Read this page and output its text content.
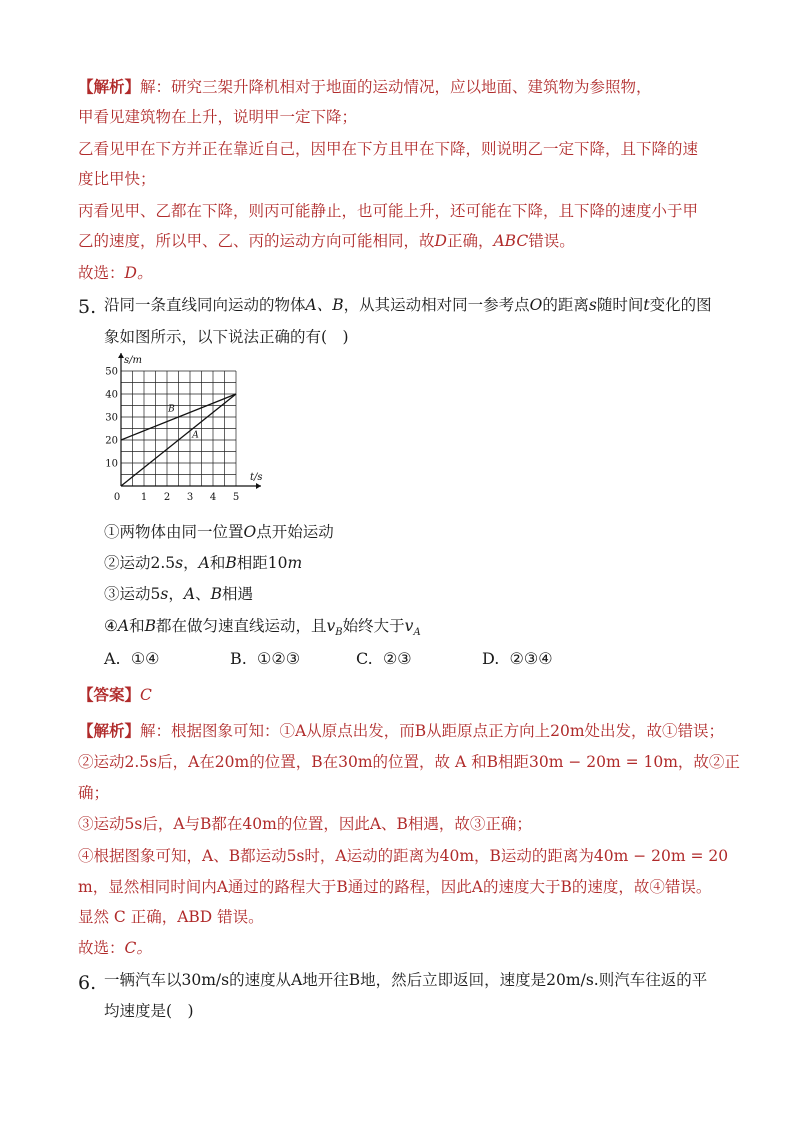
【解析】解：研究三架升降机相对于地面的运动情况，应以地面、建筑物为参照物，
甲看见建筑物在上升，说明甲一定下降；
乙看见甲在下方并正在靠近自己，因甲在下方且甲在下降，则说明乙一定下降，且下降的速
度比甲快；
丙看见甲、乙都在下降，则丙可能静止，也可能上升，还可能在下降，且下降的速度小于甲
乙的速度，所以甲、乙、丙的运动方向可能相同，故D正确，ABC错误。
故选：D。
5. 沿同一条直线同向运动的物体A、B，从其运动相对同一参考点O的距离s随时间t变化的图
象如图所示，以下说法正确的有(　)
0 1 2 3 4 5
10
20
30
40
50
s/m
t/s
A
B
①两物体由同一位置O点开始运动
②运动2.5s，A和B相距10m
③运动5s，A、B相遇
④A和B都在做匀速直线运动，且$v_B$始终大于$v_A$
A. ①④	B. ①②③	C. ②③	D. ②③④
【答案】C
【解析】解：根据图象可知：①A从原点出发，而B从距原点正方向上20m处出发，故①错误；
②运动2.5s后，A在20m的位置，B在30m的位置，故 A 和B相距30m − 20m = 10m，故②正
确；
③运动5s后，A与B都在40m的位置，因此A、B相遇，故③正确；
④根据图象可知，A、B都运动5s时，A运动的距离为40m，B运动的距离为40m − 20m = 20
m，显然相同时间内A通过的路程大于B通过的路程，因此A的速度大于B的速度，故④错误。
显然 C 正确，ABD 错误。
故选：C。
6. 一辆汽车以30m/s的速度从A地开往B地，然后立即返回，速度是20m/s.则汽车往返的平
均速度是(　)
